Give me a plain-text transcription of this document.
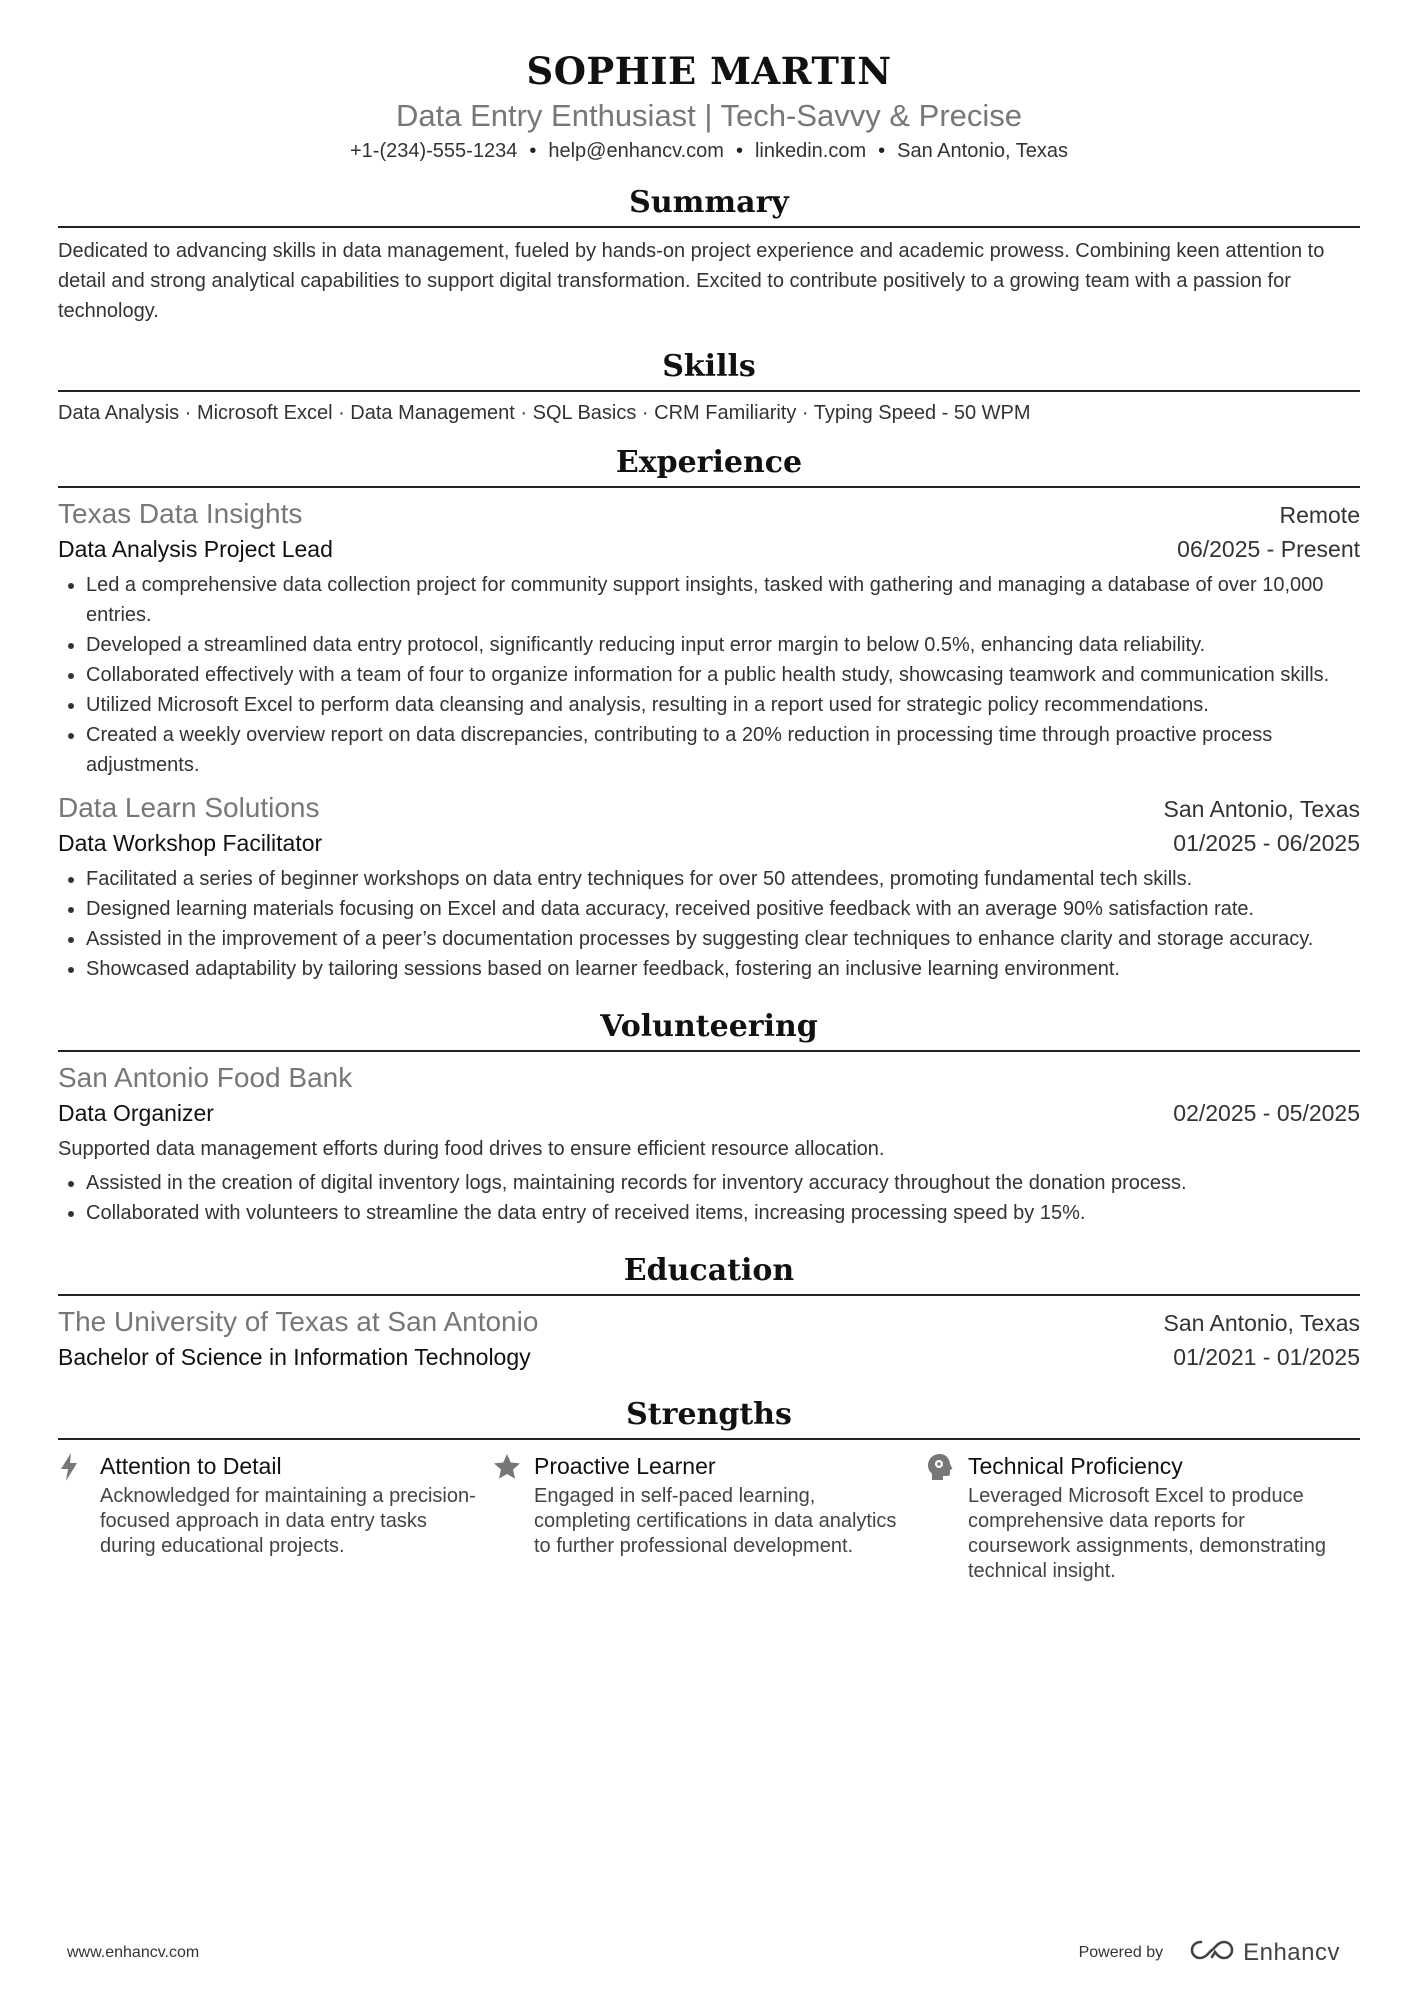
SOPHIE MARTIN
Data Entry Enthusiast | Tech-Savvy & Precise
+1-(234)-555-1234 • help@enhancv.com • linkedin.com • San Antonio, Texas
Summary
Dedicated to advancing skills in data management, fueled by hands-on project experience and academic prowess. Combining keen attention to detail and strong analytical capabilities to support digital transformation. Excited to contribute positively to a growing team with a passion for technology.
Skills
Data Analysis · Microsoft Excel · Data Management · SQL Basics · CRM Familiarity · Typing Speed - 50 WPM
Experience
Texas Data Insights	Remote
Data Analysis Project Lead	06/2025 - Present
• Led a comprehensive data collection project for community support insights, tasked with gathering and managing a database of over 10,000 entries.
• Developed a streamlined data entry protocol, significantly reducing input error margin to below 0.5%, enhancing data reliability.
• Collaborated effectively with a team of four to organize information for a public health study, showcasing teamwork and communication skills.
• Utilized Microsoft Excel to perform data cleansing and analysis, resulting in a report used for strategic policy recommendations.
• Created a weekly overview report on data discrepancies, contributing to a 20% reduction in processing time through proactive process adjustments.
Data Learn Solutions	San Antonio, Texas
Data Workshop Facilitator	01/2025 - 06/2025
• Facilitated a series of beginner workshops on data entry techniques for over 50 attendees, promoting fundamental tech skills.
• Designed learning materials focusing on Excel and data accuracy, received positive feedback with an average 90% satisfaction rate.
• Assisted in the improvement of a peer’s documentation processes by suggesting clear techniques to enhance clarity and storage accuracy.
• Showcased adaptability by tailoring sessions based on learner feedback, fostering an inclusive learning environment.
Volunteering
San Antonio Food Bank
Data Organizer	02/2025 - 05/2025
Supported data management efforts during food drives to ensure efficient resource allocation.
• Assisted in the creation of digital inventory logs, maintaining records for inventory accuracy throughout the donation process.
• Collaborated with volunteers to streamline the data entry of received items, increasing processing speed by 15%.
Education
The University of Texas at San Antonio	San Antonio, Texas
Bachelor of Science in Information Technology	01/2021 - 01/2025
Strengths
Attention to Detail
Acknowledged for maintaining a precision-focused approach in data entry tasks during educational projects.
Proactive Learner
Engaged in self-paced learning, completing certifications in data analytics to further professional development.
Technical Proficiency
Leveraged Microsoft Excel to produce comprehensive data reports for coursework assignments, demonstrating technical insight.
www.enhancv.com	Powered by	Enhancv
